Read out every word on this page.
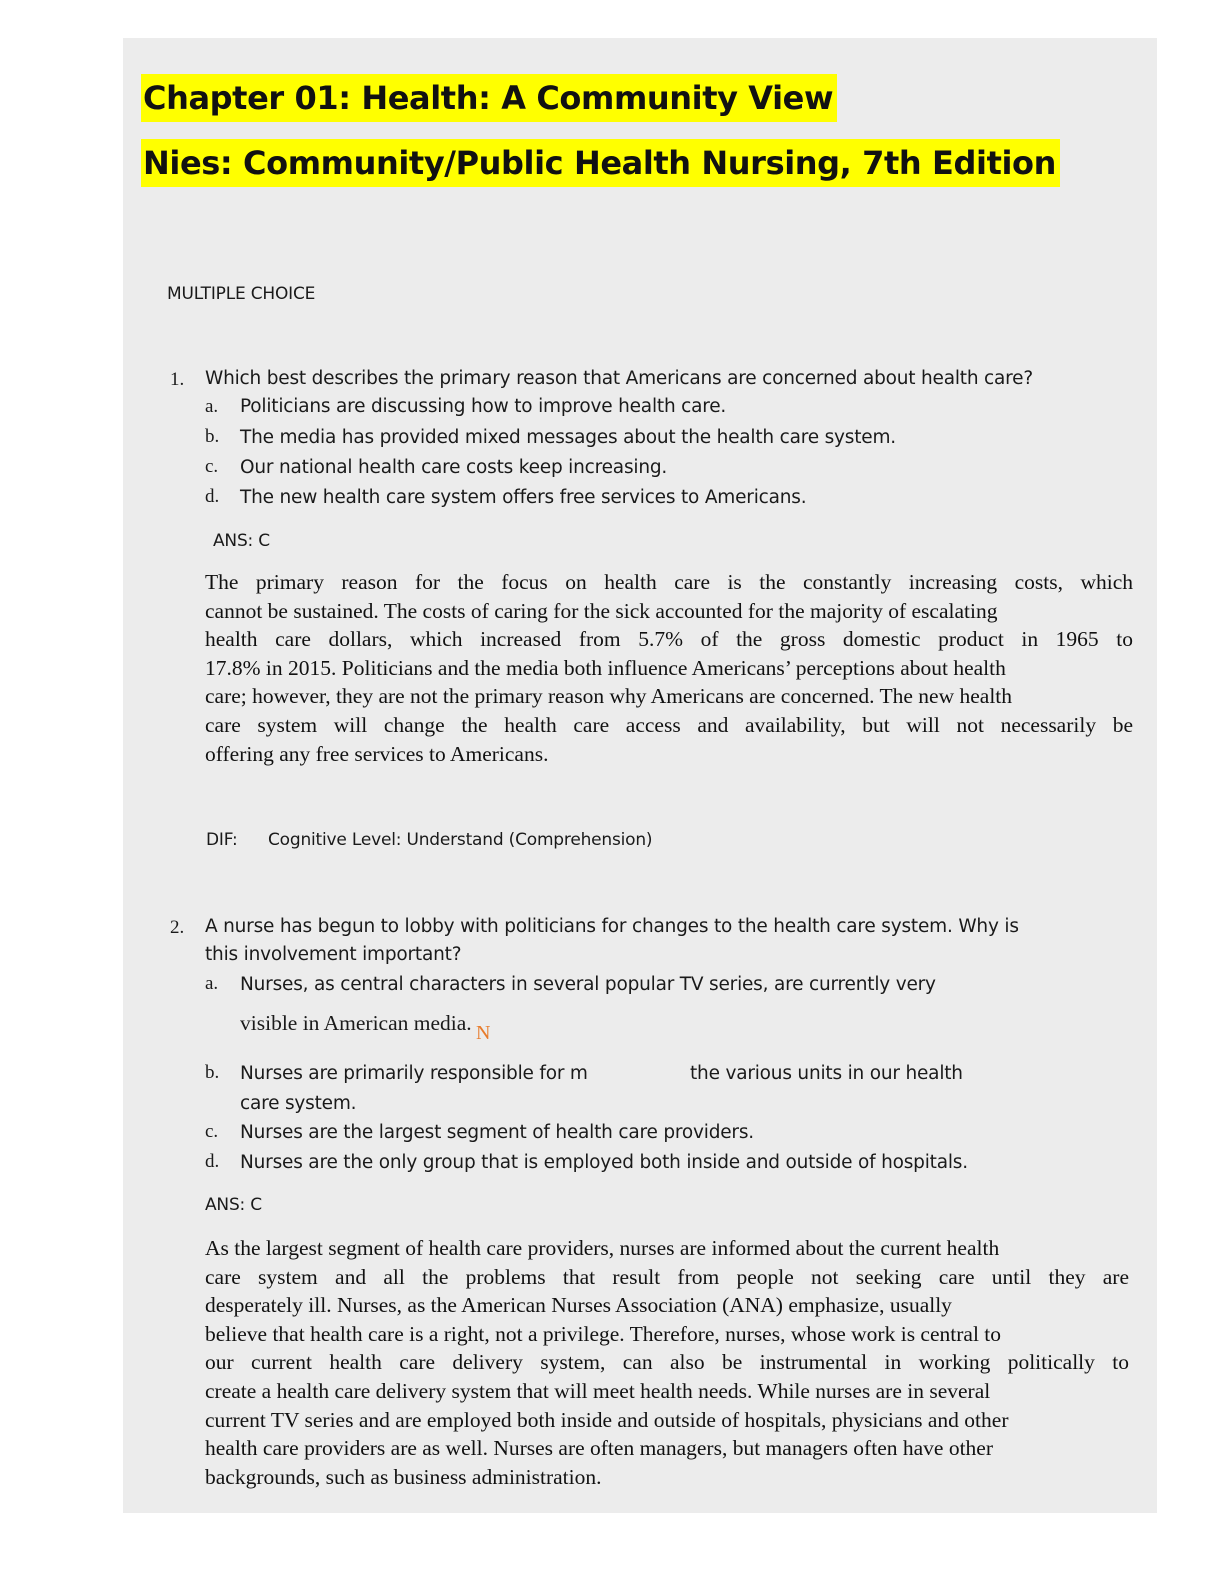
Chapter 01: Health: A Community View
Nies: Community/Public Health Nursing, 7th Edition
MULTIPLE CHOICE
1. Which best describes the primary reason that Americans are concerned about health care?
a. Politicians are discussing how to improve health care.
b. The media has provided mixed messages about the health care system.
c. Our national health care costs keep increasing.
d. The new health care system offers free services to Americans.
ANS: C
The primary reason for the focus on health care is the constantly increasing costs, which
cannot be sustained. The costs of caring for the sick accounted for the majority of escalating
health care dollars, which increased from 5.7% of the gross domestic product in 1965 to
17.8% in 2015. Politicians and the media both influence Americans’ perceptions about health
care; however, they are not the primary reason why Americans are concerned. The new health
care system will change the health care access and availability, but will not necessarily be
offering any free services to Americans.
DIF: Cognitive Level: Understand (Comprehension)
2. A nurse has begun to lobby with politicians for changes to the health care system. Why is
this involvement important?
a. Nurses, as central characters in several popular TV series, are currently very
visible in American media. N
b. Nurses are primarily responsible for m	the various units in our health
care system.
c. Nurses are the largest segment of health care providers.
d. Nurses are the only group that is employed both inside and outside of hospitals.
ANS: C
As the largest segment of health care providers, nurses are informed about the current health
care system and all the problems that result from people not seeking care until they are
desperately ill. Nurses, as the American Nurses Association (ANA) emphasize, usually
believe that health care is a right, not a privilege. Therefore, nurses, whose work is central to
our current health care delivery system, can also be instrumental in working politically to
create a health care delivery system that will meet health needs. While nurses are in several
current TV series and are employed both inside and outside of hospitals, physicians and other
health care providers are as well. Nurses are often managers, but managers often have other
backgrounds, such as business administration.
